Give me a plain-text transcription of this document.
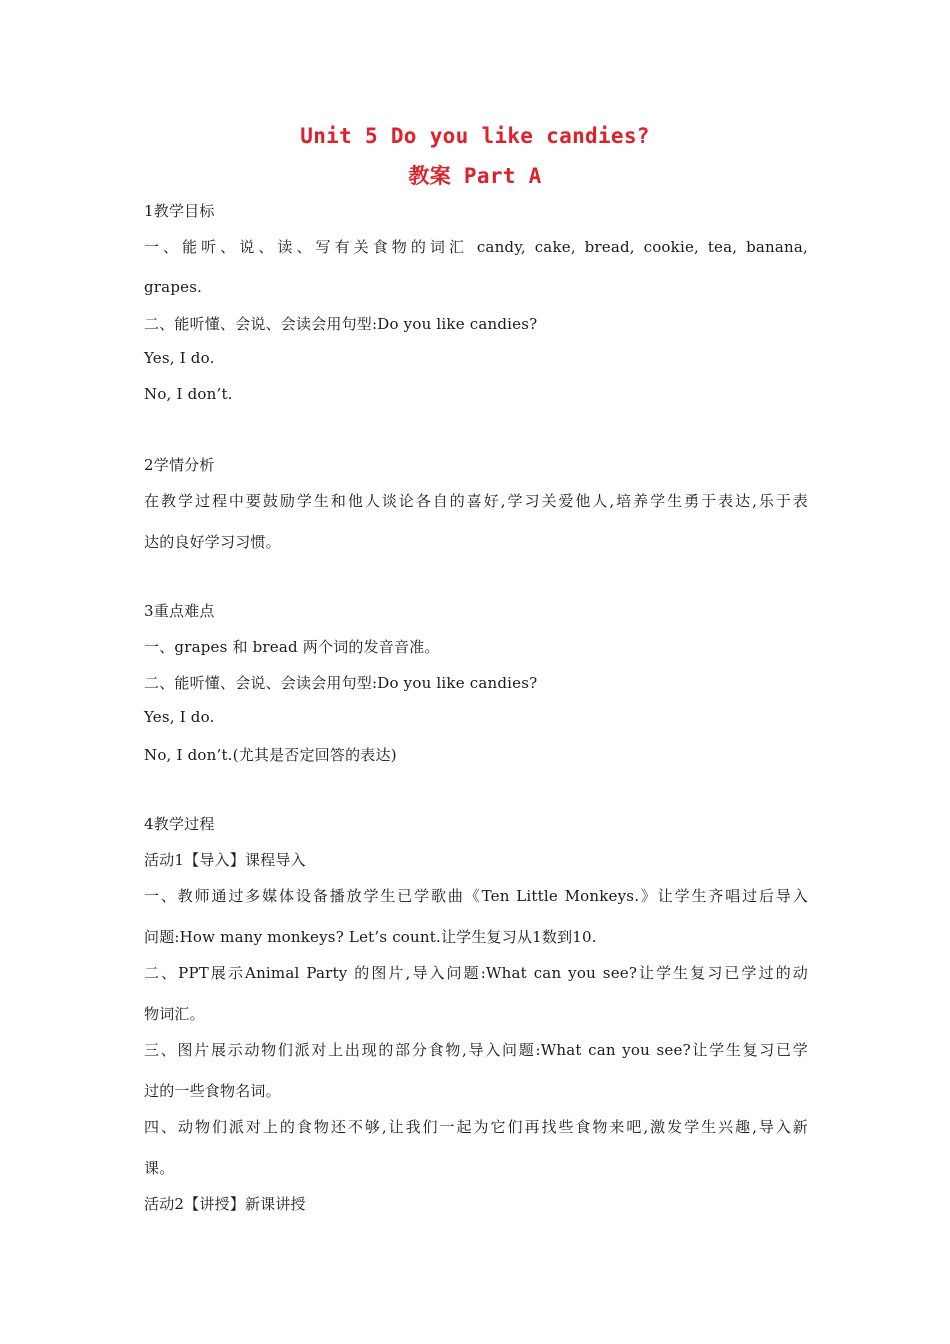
Unit 5 Do you like candies?
教案 Part A
1教学目标
一、能听、说、读、写有关食物的词汇 candy, cake, bread, cookie, tea, banana,
grapes.
二、能听懂、会说、会读会用句型:Do you like candies?
Yes, I do.
No, I don’t.
2学情分析
在教学过程中要鼓励学生和他人谈论各自的喜好,学习关爱他人,培养学生勇于表达,乐于表
达的良好学习习惯。
3重点难点
一、grapes 和 bread 两个词的发音音准。
二、能听懂、会说、会读会用句型:Do you like candies?
Yes, I do.
No, I don’t.(尤其是否定回答的表达)
4教学过程
活动1【导入】课程导入
一、教师通过多媒体设备播放学生已学歌曲《Ten Little Monkeys.》让学生齐唱过后导入
问题:How many monkeys? Let’s count.让学生复习从1数到10.
二、PPT展示Animal Party 的图片,导入问题:What can you see?让学生复习已学过的动
物词汇。
三、图片展示动物们派对上出现的部分食物,导入问题:What can you see?让学生复习已学
过的一些食物名词。
四、动物们派对上的食物还不够,让我们一起为它们再找些食物来吧,激发学生兴趣,导入新
课。
活动2【讲授】新课讲授
